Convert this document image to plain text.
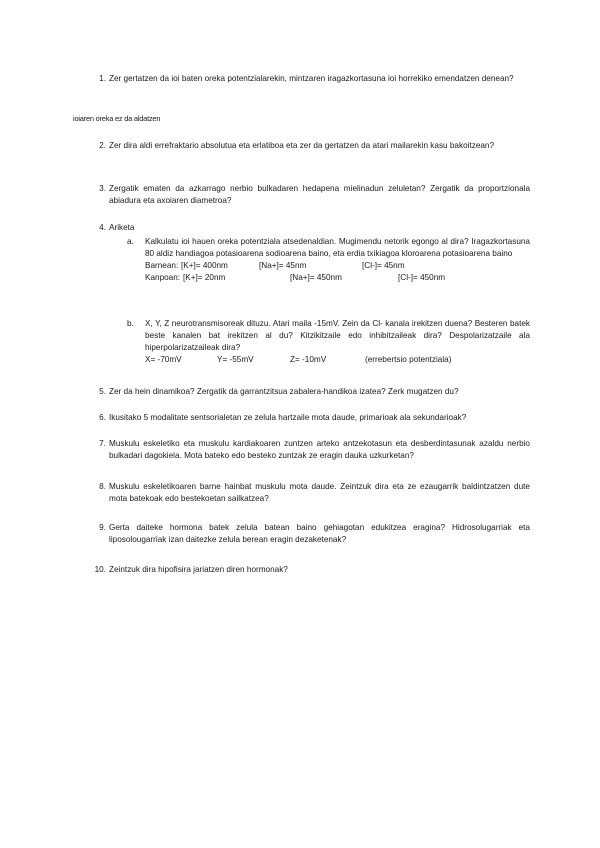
1. Zer gertatzen da ioi baten oreka potentzialarekin, mintzaren iragazkortasuna ioi horrekiko emendatzen denean?
ioiaren oreka ez da aldatzen
2. Zer dira aldi errefraktario absolutua eta erlatiboa eta zer da gertatzen da atari mailarekin kasu bakoitzean?
3. Zergatik ematen da azkarrago nerbio bulkadaren hedapena mielinadun zeluletan? Zergatik da proportzionala abiadura eta axoiaren diametroa?
4. Ariketa
a. Kalkulatu ioi hauen oreka potentziala atsedenaldian. Mugimendu netorik egongo al dira? Iragazkortasuna 80 aldiz handiagoa potasioarena sodioarena baino, eta erdia txikiagoa kloroarena potasioarena baino
Barnean: [K+]= 400nm	[Na+]= 45nm	[Cl-]= 45nm
Kanpoan: [K+]= 20nm	[Na+]= 450nm	[Cl-]= 450nm
b. X, Y, Z neurotransmisoreak dituzu. Atari maila -15mV. Zein da Cl- kanala irekitzen duena? Besteren batek beste kanalen bat irekitzen al du? Kitzikitzaile edo inhibitzaileak dira? Despolarizatzaile ala hiperpolarizatzaileak dira?
X= -70mV	Y= -55mV	Z= -10mV	(errebertsio potentziala)
5. Zer da hein dinamikoa? Zergatik da garrantzitsua zabalera-handikoa izatea? Zerk mugatzen du?
6. Ikusitako 5 modalitate sentsorialetan ze zelula hartzaile mota daude, primarioak ala sekundarioak?
7. Muskulu eskeletiko eta muskulu kardiakoaren zuntzen arteko antzekotasun eta desberdintasunak azaldu nerbio bulkadari dagokiela. Mota bateko edo besteko zuntzak ze eragin dauka uzkurketan?
8. Muskulu eskeletikoaren barne hainbat muskulu mota daude. Zeintzuk dira eta ze ezaugarrik baldintzatzen dute mota batekoak edo bestekoetan sailkatzea?
9. Gerta daiteke hormona batek zelula batean baino gehiagotan edukitzea eragina? Hidrosolugarriak eta liposolougarriak izan daitezke zelula berean eragin dezaketenak?
10. Zeintzuk dira hipofisira jariatzen diren hormonak?
